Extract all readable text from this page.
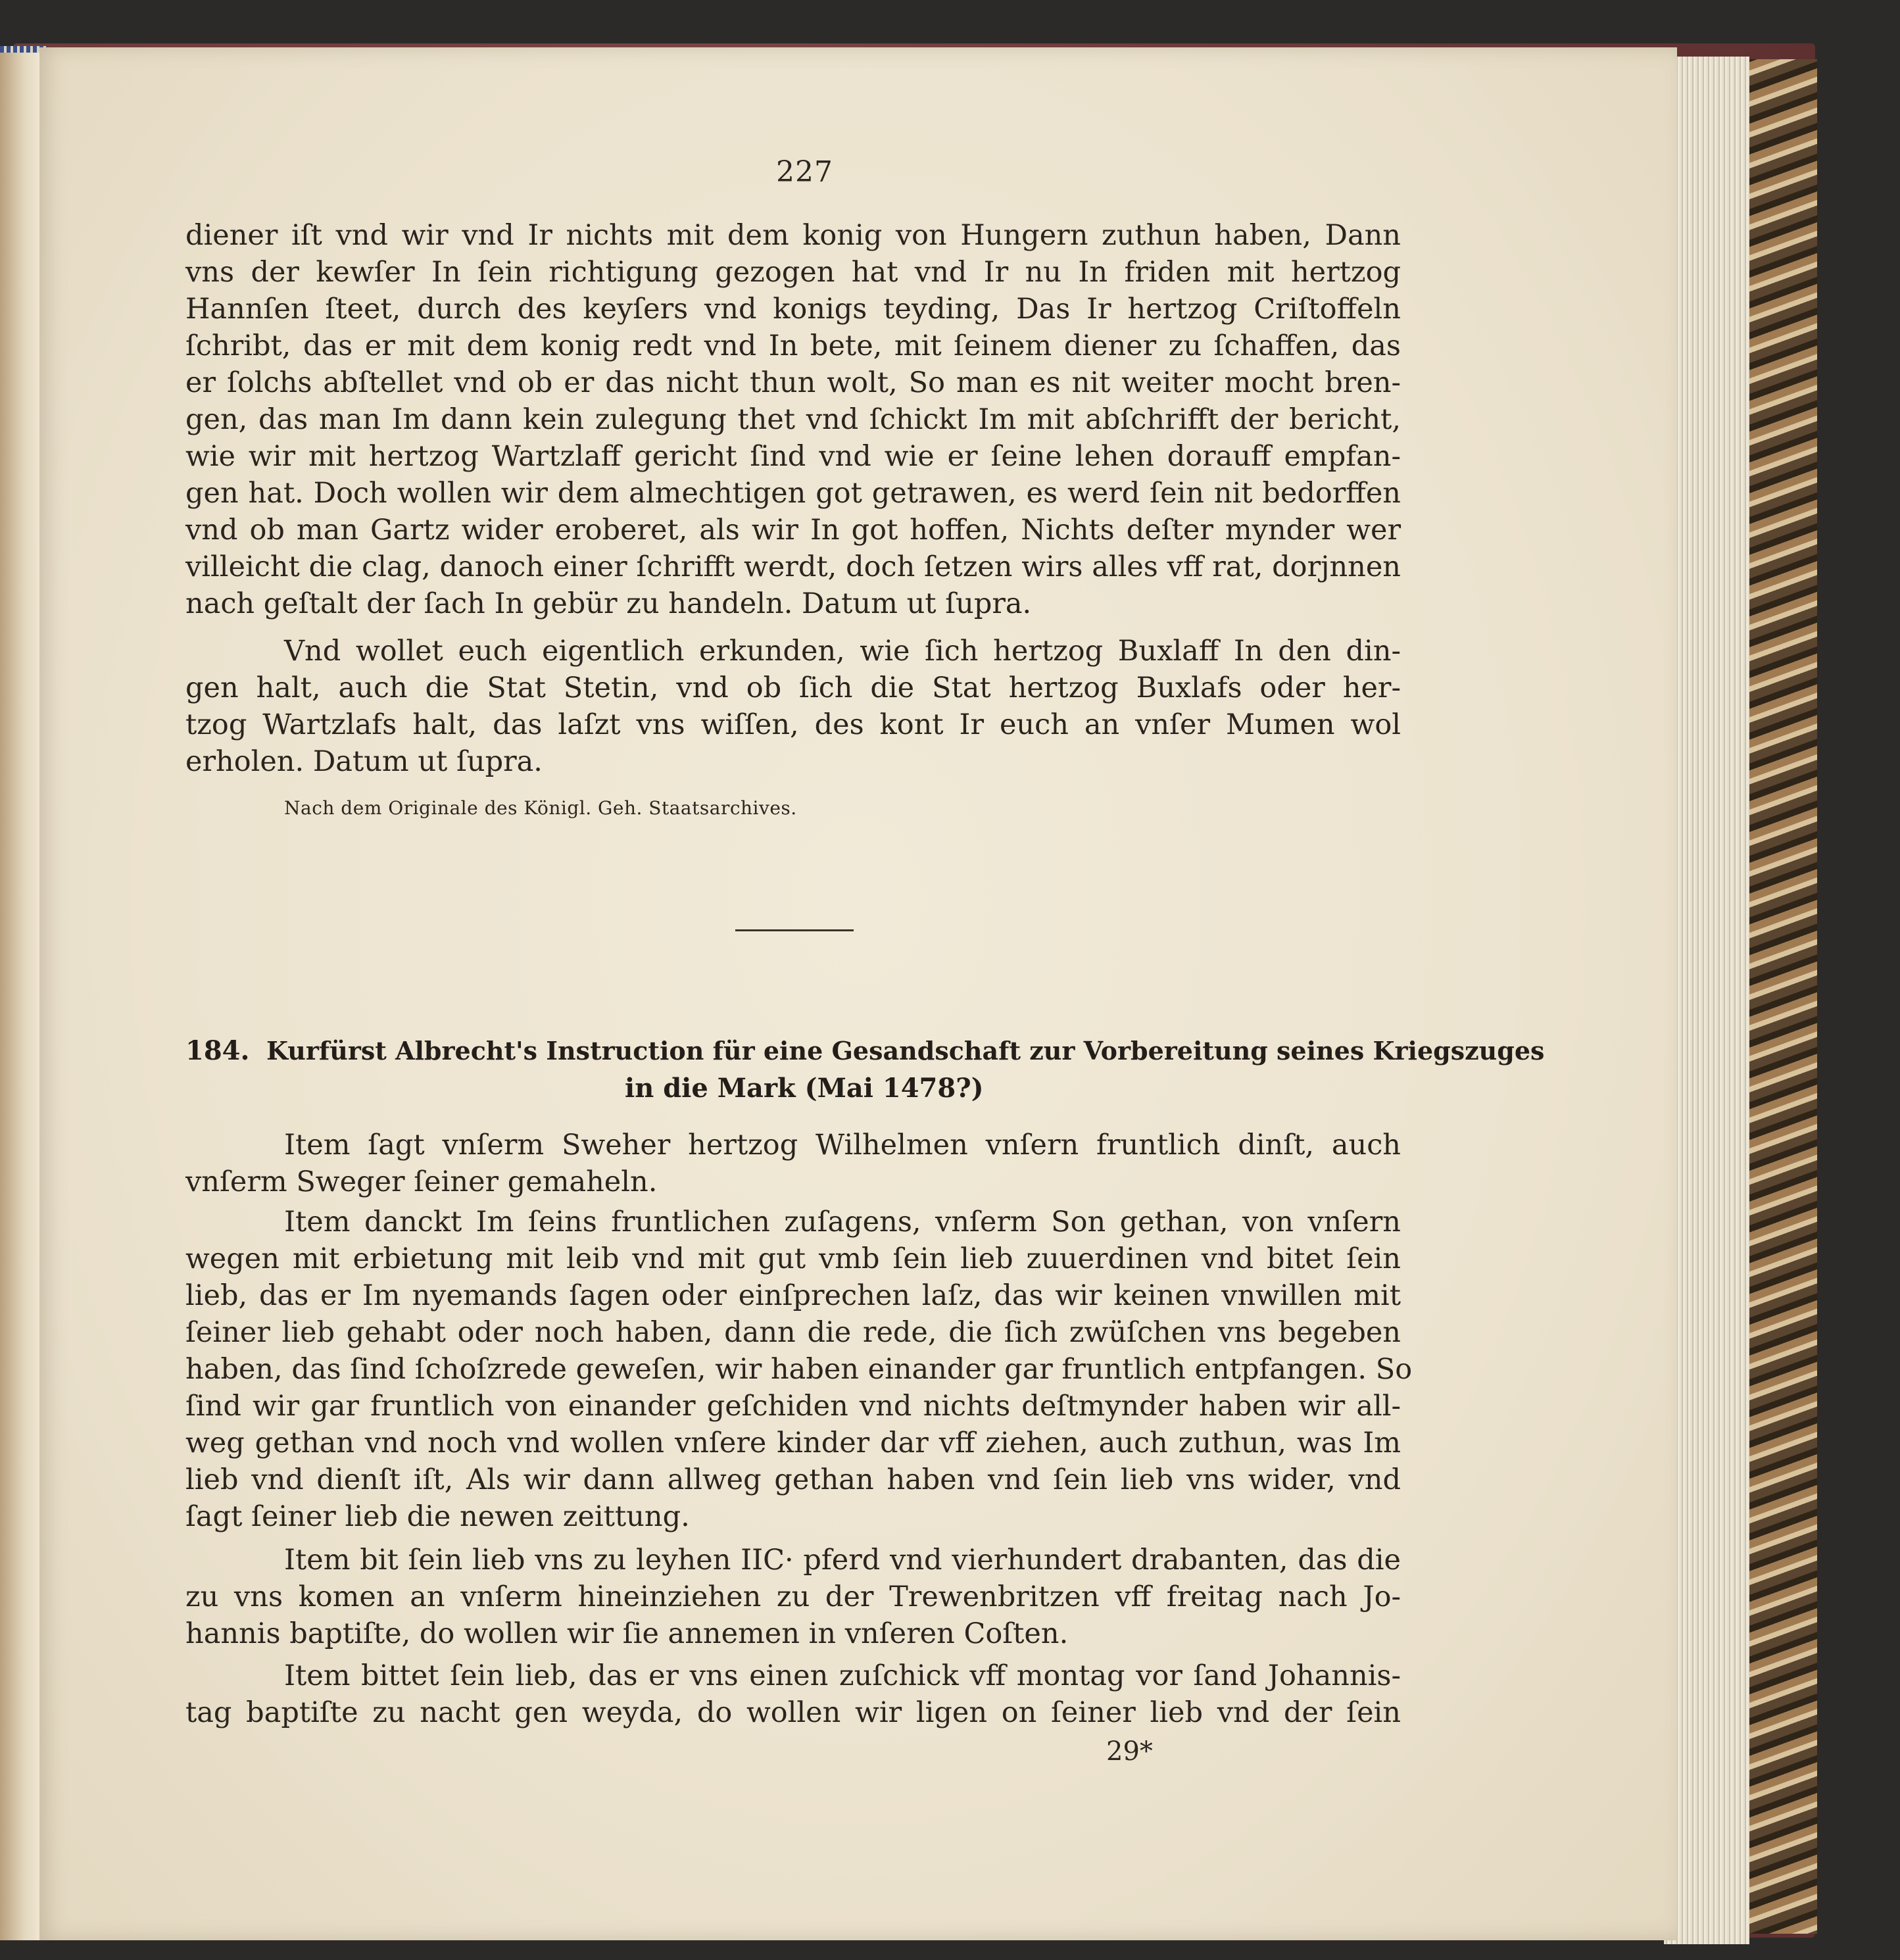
227
diener iſt vnd wir vnd Ir nichts mit dem konig von Hungern zuthun haben, Dann
vns der kewſer In ſein richtigung gezogen hat vnd Ir nu In friden mit hertzog
Hannſen ſteet, durch des keyſers vnd konigs teyding, Das Ir hertzog Criſtoffeln
ſchribt, das er mit dem konig redt vnd In bete, mit ſeinem diener zu ſchaffen, das
er ſolchs abſtellet vnd ob er das nicht thun wolt, So man es nit weiter mocht bren-
gen, das man Im dann kein zulegung thet vnd ſchickt Im mit abſchrifft der bericht,
wie wir mit hertzog Wartzlaff gericht ſind vnd wie er ſeine lehen dorauff empfan-
gen hat. Doch wollen wir dem almechtigen got getrawen, es werd ſein nit bedorffen
vnd ob man Gartz wider eroberet, als wir In got hoffen, Nichts deſter mynder wer
villeicht die clag, danoch einer ſchrifft werdt, doch ſetzen wirs alles vff rat, dorjnnen
nach geſtalt der ſach In gebür zu handeln. Datum ut ſupra.
Vnd wollet euch eigentlich erkunden, wie ſich hertzog Buxlaff In den din-
gen halt, auch die Stat Stetin, vnd ob ſich die Stat hertzog Buxlafs oder her-
tzog Wartzlafs halt, das laſzt vns wiſſen, des kont Ir euch an vnſer Mumen wol
erholen. Datum ut ſupra.
Nach dem Originale des Königl. Geh. Staatsarchives.
184. Kurfürst Albrecht's Instruction für eine Gesandschaft zur Vorbereitung seines Kriegszuges
in die Mark (Mai 1478?)
Item ſagt vnſerm Sweher hertzog Wilhelmen vnſern fruntlich dinſt, auch
vnſerm Sweger ſeiner gemaheln.
Item danckt Im ſeins fruntlichen zuſagens, vnſerm Son gethan, von vnſern
wegen mit erbietung mit leib vnd mit gut vmb ſein lieb zuuerdinen vnd bitet ſein
lieb, das er Im nyemands ſagen oder einſprechen laſz, das wir keinen vnwillen mit
ſeiner lieb gehabt oder noch haben, dann die rede, die ſich zwüſchen vns begeben
haben, das ſind ſchoſzrede geweſen, wir haben einander gar fruntlich entpfangen. So
ſind wir gar fruntlich von einander geſchiden vnd nichts deſtmynder haben wir all-
weg gethan vnd noch vnd wollen vnſere kinder dar vff ziehen, auch zuthun, was Im
lieb vnd dienſt iſt, Als wir dann allweg gethan haben vnd ſein lieb vns wider, vnd
ſagt ſeiner lieb die newen zeittung.
Item bit ſein lieb vns zu leyhen IIC· pferd vnd vierhundert drabanten, das die
zu vns komen an vnſerm hineinziehen zu der Trewenbritzen vff freitag nach Jo-
hannis baptiſte, do wollen wir ſie annemen in vnſeren Coſten.
Item bittet ſein lieb, das er vns einen zuſchick vff montag vor ſand Johannis-
tag baptiſte zu nacht gen weyda, do wollen wir ligen on ſeiner lieb vnd der ſein
29*
